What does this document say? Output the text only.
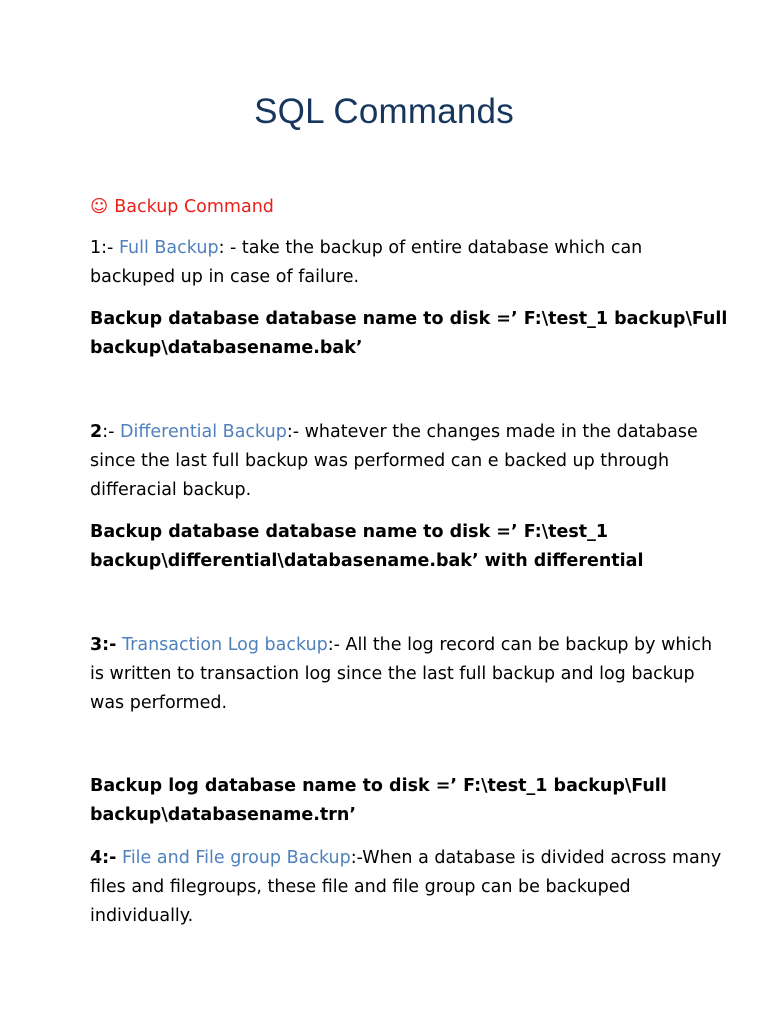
SQL Commands
☺ Backup Command
1:- Full Backup: - take the backup of entire database which can
backuped up in case of failure.
Backup database database name to disk =’ F:\test_1 backup\Full
backup\databasename.bak’
2:- Differential Backup:- whatever the changes made in the database
since the last full backup was performed can e backed up through
differacial backup.
Backup database database name to disk =’ F:\test_1
backup\differential\databasename.bak’ with differential
3:- Transaction Log backup:- All the log record can be backup by which
is written to transaction log since the last full backup and log backup
was performed.
Backup log database name to disk =’ F:\test_1 backup\Full
backup\databasename.trn’
4:- File and File group Backup:-When a database is divided across many
files and filegroups, these file and file group can be backuped
individually.
